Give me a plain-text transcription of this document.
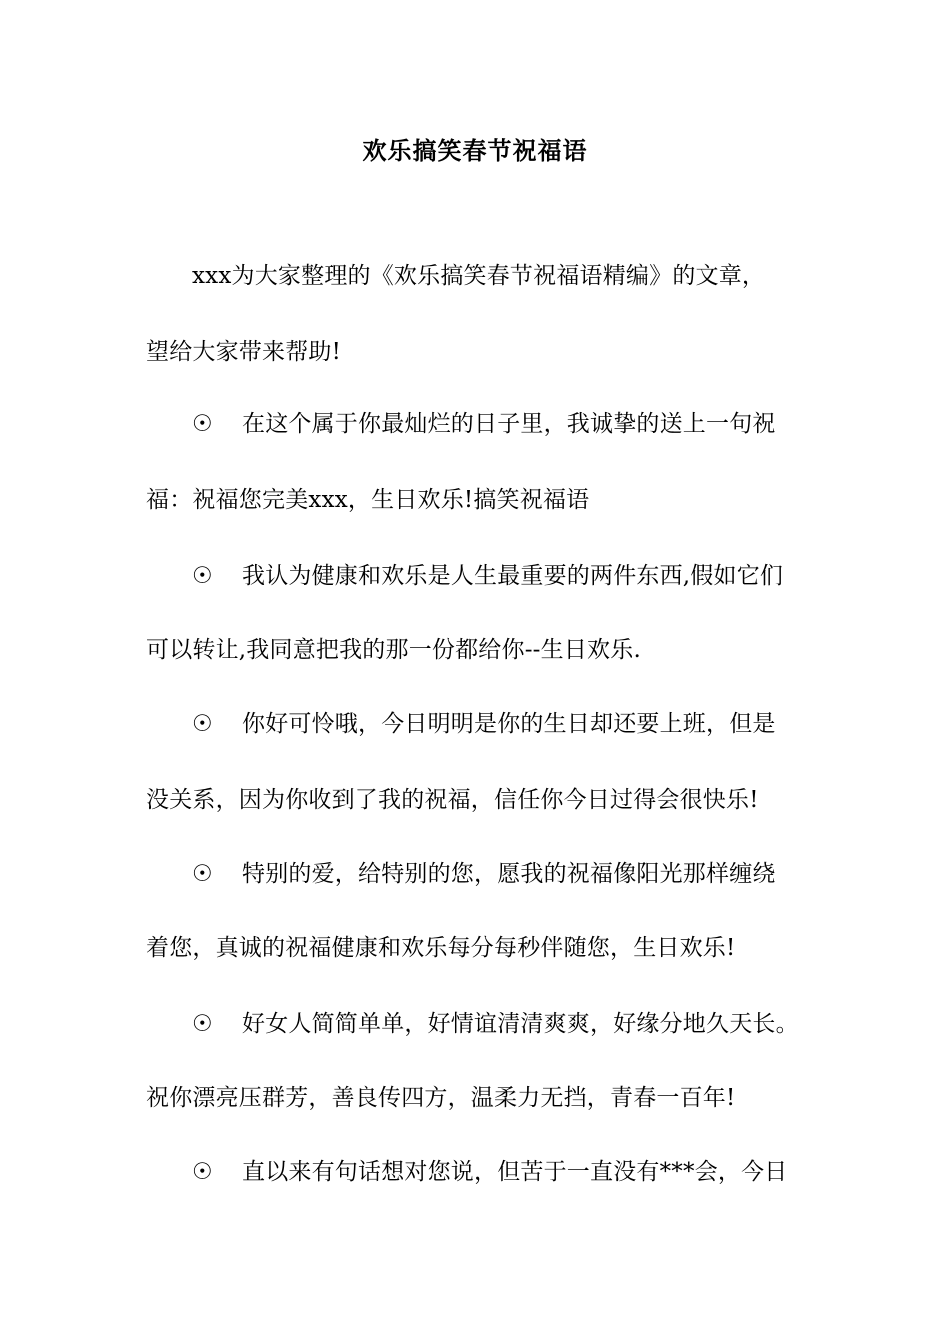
欢乐搞笑春节祝福语
xxx为大家整理的《欢乐搞笑春节祝福语精编》的文章，
望给大家带来帮助!
☉ 在这个属于你最灿烂的日子里，我诚挚的送上一句祝
福：祝福您完美xxx，生日欢乐!搞笑祝福语
☉ 我认为健康和欢乐是人生最重要的两件东西,假如它们
可以转让,我同意把我的那一份都给你--生日欢乐.
☉ 你好可怜哦，今日明明是你的生日却还要上班，但是
没关系，因为你收到了我的祝福，信任你今日过得会很快乐!
☉ 特别的爱，给特别的您，愿我的祝福像阳光那样缠绕
着您，真诚的祝福健康和欢乐每分每秒伴随您，生日欢乐!
☉ 好女人简简单单，好情谊清清爽爽，好缘分地久天长。
祝你漂亮压群芳，善良传四方，温柔力无挡，青春一百年!
☉ 直以来有句话想对您说，但苦于一直没有***会，今日
